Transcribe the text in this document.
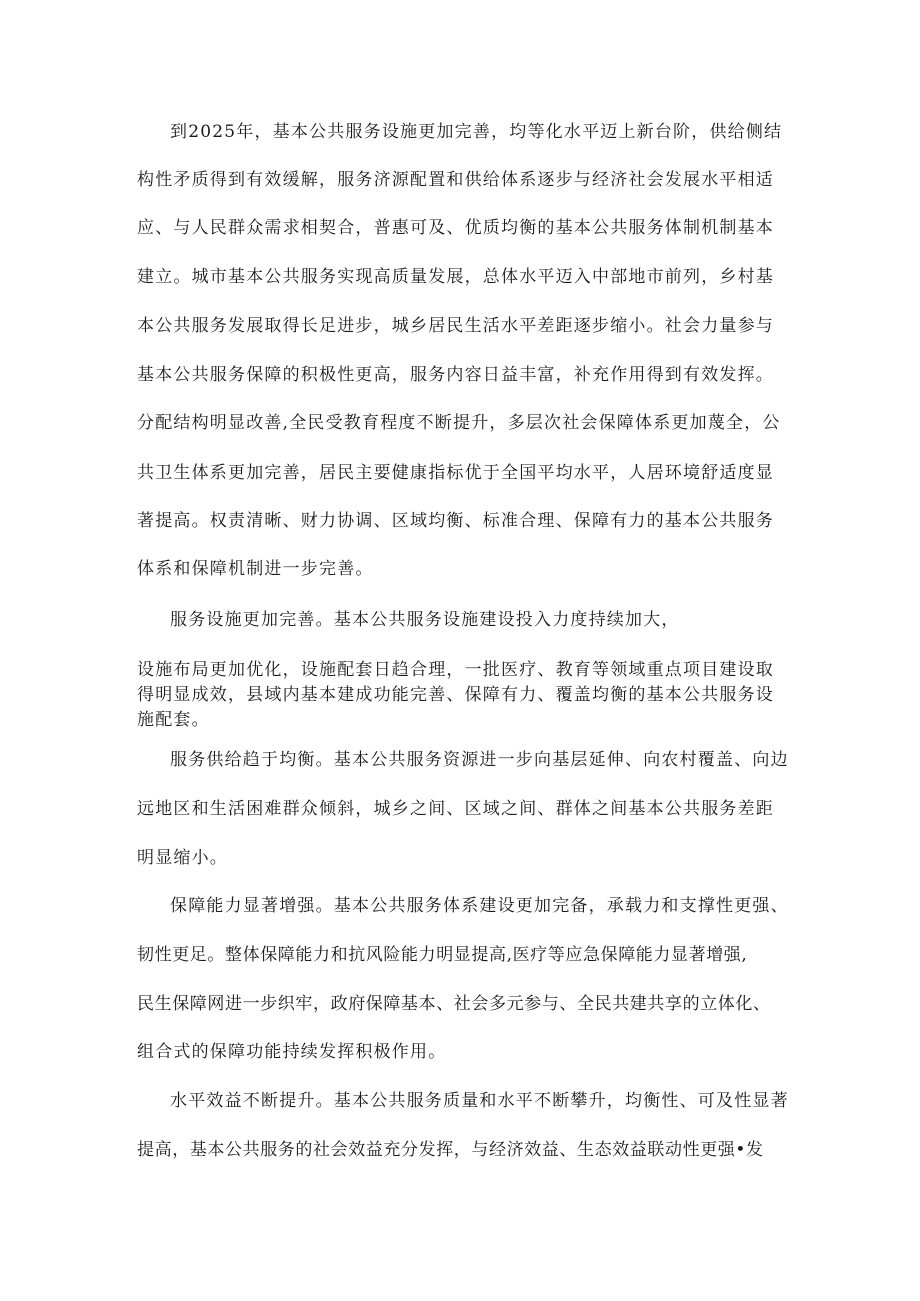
到2025年，基本公共服务设施更加完善，均等化水平迈上新台阶，供给侧结
构性矛质得到有效缓解，服务济源配置和供给体系逐步与经济社会发展水平相适
应、与人民群众需求相契合，普惠可及、优质均衡的基本公共服务体制机制基本
建立。城市基本公共服务实现高质量发展，总体水平迈入中部地市前列，乡村基
本公共服务发展取得长足进步，城乡居民生活水平差距逐步缩小。社会力量参与
基本公共服务保障的积极性更高，服务内容日益丰富，补充作用得到有效发挥。
分配结构明显改善,全民受教育程度不断提升，多层次社会保障体系更加蔑全，公
共卫生体系更加完善，居民主要健康指标优于全国平均水平，人居环境舒适度显
著提高。权责清晰、财力协调、区域均衡、标准合理、保障有力的基本公共服务
体系和保障机制进一步完善。
服务设施更加完善。基本公共服务设施建设投入力度持续加大，
设施布局更加优化，设施配套日趋合理，一批医疗、教育等领域重点项目建设取
得明显成效，县域内基本建成功能完善、保障有力、覆盖均衡的基本公共服务设
施配套。
服务供给趋于均衡。基本公共服务资源进一步向基层延伸、向农村覆盖、向边
远地区和生活困难群众倾斜，城乡之间、区域之间、群体之间基本公共服务差距
明显缩小。
保障能力显著增强。基本公共服务体系建设更加完备，承载力和支撑性更强、
韧性更足。整体保障能力和抗风险能力明显提高,医疗等应急保障能力显著增强,
民生保障网进一步织牢，政府保障基本、社会多元参与、全民共建共享的立体化、
组合式的保障功能持续发挥积极作用。
水平效益不断提升。基本公共服务质量和水平不断攀升，均衡性、可及性显著
提高，基本公共服务的社会效益充分发挥，与经济效益、生态效益联动性更强•发
